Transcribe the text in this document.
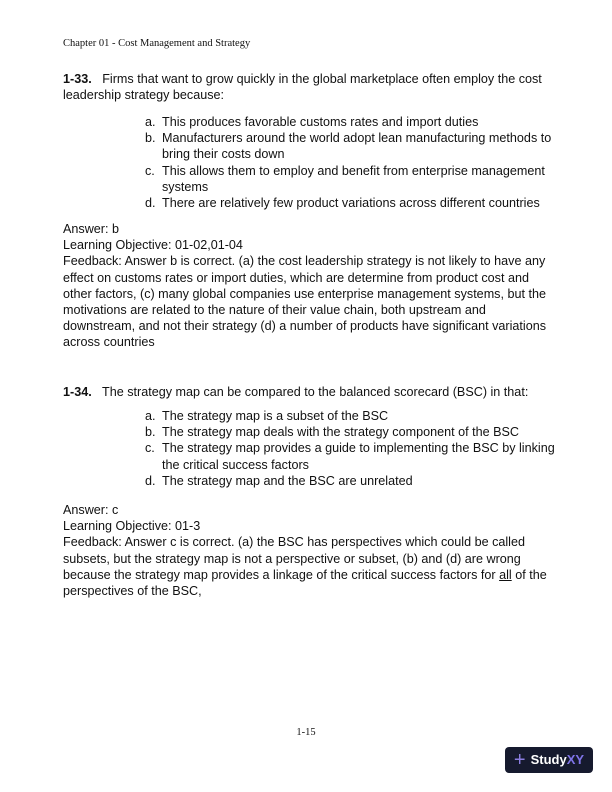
Chapter 01 - Cost Management and Strategy
1-33. Firms that want to grow quickly in the global marketplace often employ the cost
leadership strategy because:
a. This produces favorable customs rates and import duties
b. Manufacturers around the world adopt lean manufacturing methods to
bring their costs down
c. This allows them to employ and benefit from enterprise management
systems
d. There are relatively few product variations across different countries
Answer: b
Learning Objective: 01-02,01-04
Feedback: Answer b is correct. (a) the cost leadership strategy is not likely to have any
effect on customs rates or import duties, which are determine from product cost and
other factors, (c) many global companies use enterprise management systems, but the
motivations are related to the nature of their value chain, both upstream and
downstream, and not their strategy (d) a number of products have significant variations
across countries
1-34. The strategy map can be compared to the balanced scorecard (BSC) in that:
a. The strategy map is a subset of the BSC
b. The strategy map deals with the strategy component of the BSC
c. The strategy map provides a guide to implementing the BSC by linking
the critical success factors
d. The strategy map and the BSC are unrelated
Answer: c
Learning Objective: 01-3
Feedback: Answer c is correct. (a) the BSC has perspectives which could be called
subsets, but the strategy map is not a perspective or subset, (b) and (d) are wrong
because the strategy map provides a linkage of the critical success factors for all of the
perspectives of the BSC,
1-15
+ StudyXY
